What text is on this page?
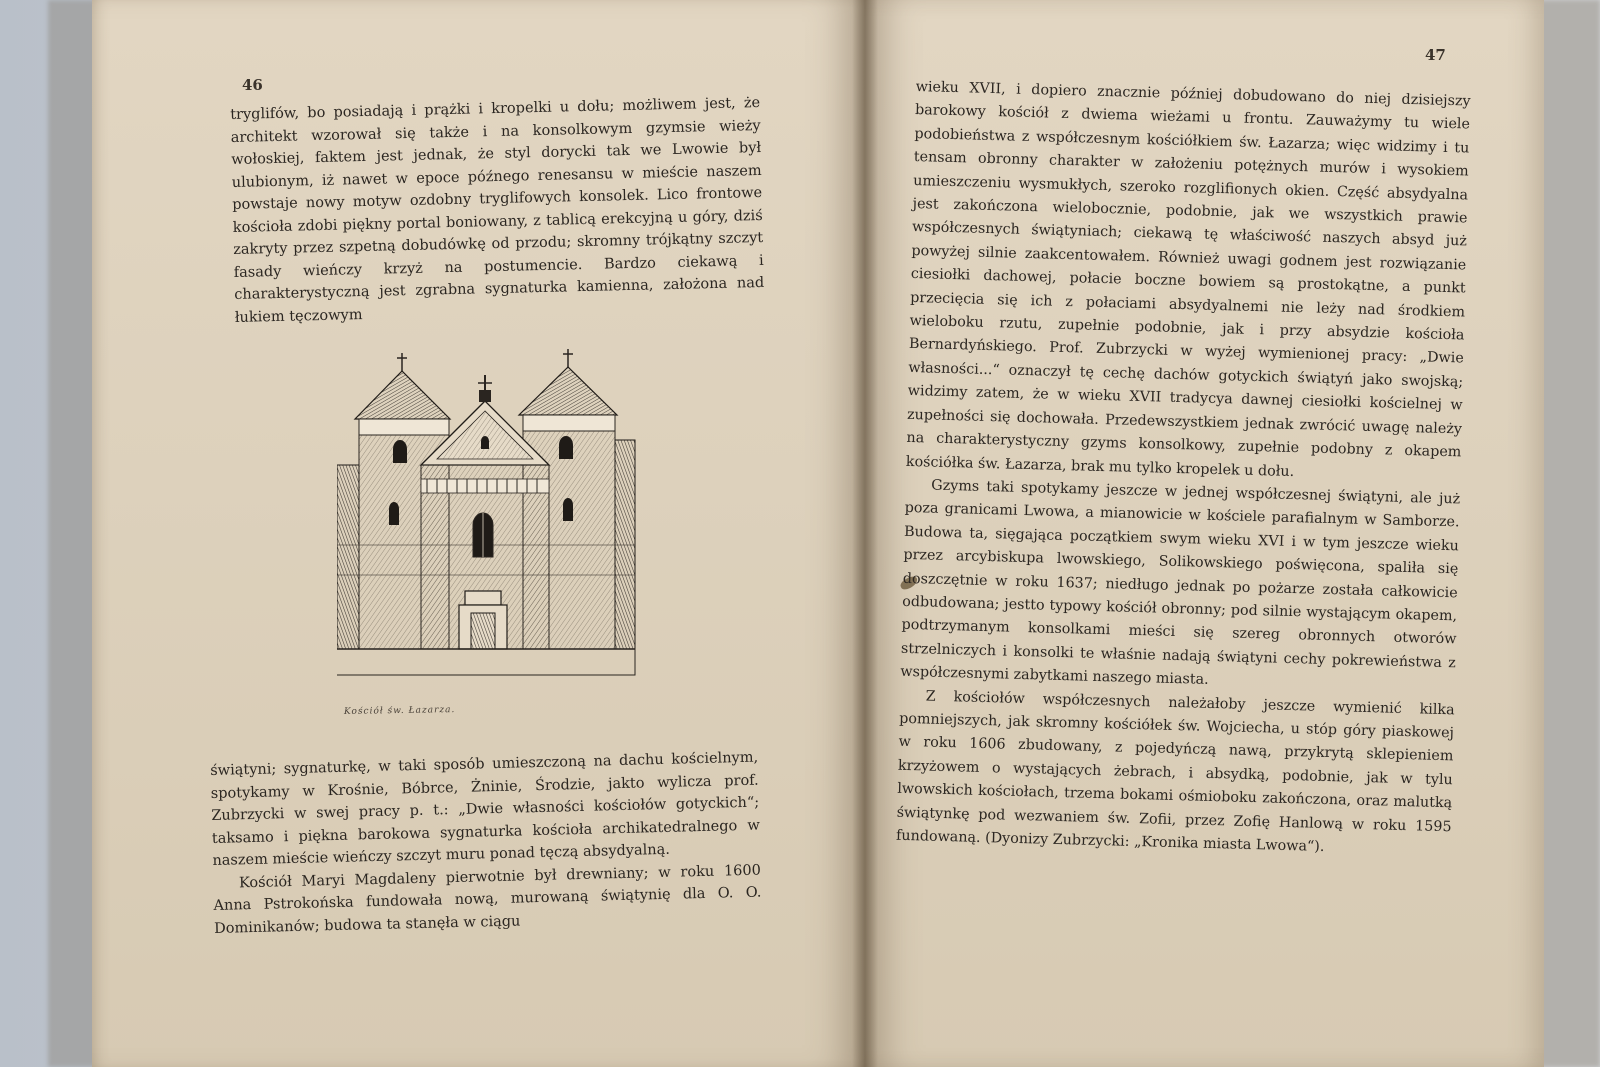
46

tryglifów, bo posiadają i prążki i kropelki u dołu; możliwem jest, że architekt wzorował się także i na konsolkowym gzymsie wieży wołoskiej, faktem jest jednak, że styl dorycki tak we Lwowie był ulubionym, iż nawet w epoce późnego renesansu w mieście naszem powstaje nowy motyw ozdobny tryglifowych konsolek. Lico frontowe kościoła zdobi piękny portal boniowany, z tablicą erekcyjną u góry, dziś zakryty przez szpetną dobudówkę od przodu; skromny trójkątny szczyt fasady wieńczy krzyż na postumencie. Bardzo ciekawą i charakterystyczną jest zgrabna sygnaturka kamienna, założona nad łukiem tęczowym

Kościół św. Łazarza.

świątyni; sygnaturkę, w taki sposób umieszczoną na dachu kościelnym, spotykamy w Krośnie, Bóbrce, Żninie, Środzie, jakto wylicza prof. Zubrzycki w swej pracy p. t.: „Dwie własności kościołów gotyckich“; taksamo i piękna barokowa sygnaturka kościoła archikatedralnego w naszem mieście wieńczy szczyt muru ponad tęczą absydyalną.

Kościół Maryi Magdaleny pierwotnie był drewniany; w roku 1600 Anna Pstrokońska fundowała nową, murowaną świątynię dla O. O. Dominikanów; budowa ta stanęła w ciągu

47

wieku XVII, i dopiero znacznie później dobudowano do niej dzisiejszy barokowy kościół z dwiema wieżami u frontu. Zauważymy tu wiele podobieństwa z współczesnym kościółkiem św. Łazarza; więc widzimy i tu tensam obronny charakter w założeniu potężnych murów i wysokiem umieszczeniu wysmukłych, szeroko rozglifionych okien. Część absydyalna jest zakończona wielobocznie, podobnie, jak we wszystkich prawie współczesnych świątyniach; ciekawą tę właściwość naszych absyd już powyżej silnie zaakcentowałem. Również uwagi godnem jest rozwiązanie ciesiołki dachowej, połacie boczne bowiem są prostokątne, a punkt przecięcia się ich z połaciami absydyalnemi nie leży nad środkiem wieloboku rzutu, zupełnie podobnie, jak i przy absydzie kościoła Bernardyńskiego. Prof. Zubrzycki w wyżej wymienionej pracy: „Dwie własności...“ oznaczył tę cechę dachów gotyckich świątyń jako swojską; widzimy zatem, że w wieku XVII tradycya dawnej ciesiołki kościelnej w zupełności się dochowała. Przedewszystkiem jednak zwrócić uwagę należy na charakterystyczny gzyms konsolkowy, zupełnie podobny z okapem kościółka św. Łazarza, brak mu tylko kropelek u dołu.

Gzyms taki spotykamy jeszcze w jednej współczesnej świątyni, ale już poza granicami Lwowa, a mianowicie w kościele parafialnym w Samborze. Budowa ta, sięgająca początkiem swym wieku XVI i w tym jeszcze wieku przez arcybiskupa lwowskiego, Solikowskiego poświęcona, spaliła się doszczętnie w roku 1637; niedługo jednak po pożarze została całkowicie odbudowana; jestto typowy kościół obronny; pod silnie wystającym okapem, podtrzymanym konsolkami mieści się szereg obronnych otworów strzelniczych i konsolki te właśnie nadają świątyni cechy pokrewieństwa z współczesnymi zabytkami naszego miasta.

Z kościołów współczesnych należałoby jeszcze wymienić kilka pomniejszych, jak skromny kościółek św. Wojciecha, u stóp góry piaskowej w roku 1606 zbudowany, z pojedyńczą nawą, przykrytą sklepieniem krzyżowem o wystających żebrach, i absydką, podobnie, jak w tylu lwowskich kościołach, trzema bokami ośmioboku zakończona, oraz malutką świątynkę pod wezwaniem św. Zofii, przez Zofię Hanlową w roku 1595 fundowaną. (Dyonizy Zubrzycki: „Kronika miasta Lwowa“).
